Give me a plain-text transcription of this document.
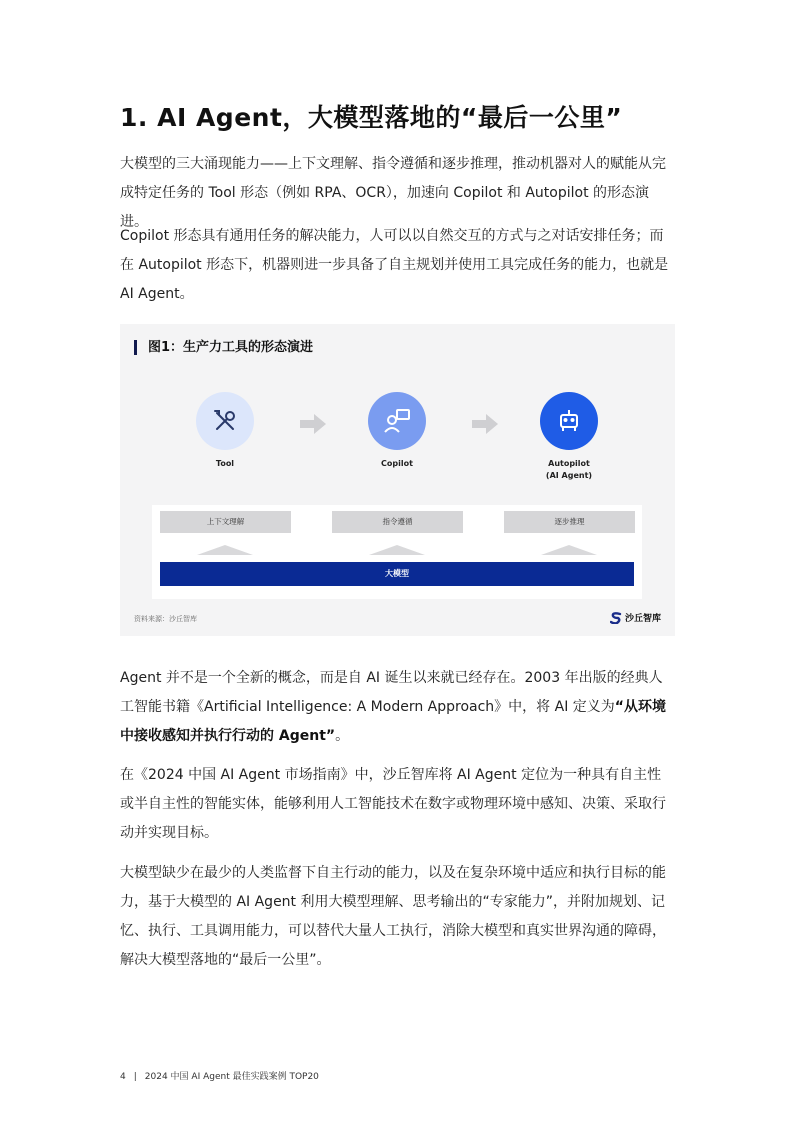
1. AI Agent，大模型落地的“最后一公里”
大模型的三大涌现能力——上下文理解、指令遵循和逐步推理，推动机器对人的赋能从完成特定任务的 Tool 形态（例如 RPA、OCR），加速向 Copilot 和 Autopilot 的形态演进。
Copilot 形态具有通用任务的解决能力，人可以以自然交互的方式与之对话安排任务；而在 Autopilot 形态下，机器则进一步具备了自主规划并使用工具完成任务的能力，也就是 AI Agent。
图1：生产力工具的形态演进
Tool	Copilot	Autopilot
(AI Agent)
上下文理解	指令遵循	逐步推理
大模型
资料来源：沙丘智库	沙丘智库
Agent 并不是一个全新的概念，而是自 AI 诞生以来就已经存在。2003 年出版的经典人工智能书籍《Artificial Intelligence: A Modern Approach》中，将 AI 定义为“从环境中接收感知并执行行动的 Agent”。
在《2024 中国 AI Agent 市场指南》中，沙丘智库将 AI Agent 定位为一种具有自主性或半自主性的智能实体，能够利用人工智能技术在数字或物理环境中感知、决策、采取行动并实现目标。
大模型缺少在最少的人类监督下自主行动的能力，以及在复杂环境中适应和执行目标的能力，基于大模型的 AI Agent 利用大模型理解、思考输出的“专家能力”，并附加规划、记忆、执行、工具调用能力，可以替代大量人工执行，消除大模型和真实世界沟通的障碍，解决大模型落地的“最后一公里”。
4 | 2024 中国 AI Agent 最佳实践案例 TOP20
